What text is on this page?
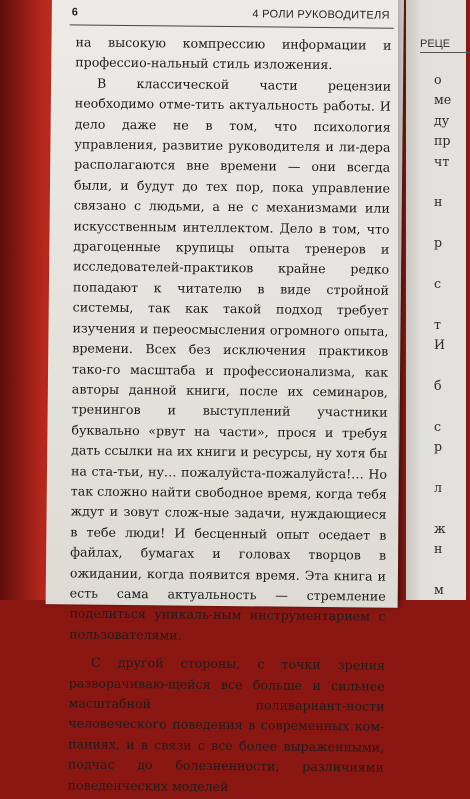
6	4 РОЛИ РУКОВОДИТЕЛЯ

на высокую компрессию информации и профессио-нальный стиль изложения.

В классической части рецензии необходимо отме-тить актуальность работы. И дело даже не в том, что психология управления, развитие руководителя и ли-дера располагаются вне времени — они всегда были, и будут до тех пор, пока управление связано с людьми, а не с механизмами или искусственным интеллектом. Дело в том, что драгоценные крупицы опыта тренеров и исследователей-практиков крайне редко попадают к читателю в виде стройной системы, так как такой подход требует изучения и переосмысления огромного опыта, времени. Всех без исключения практиков тако-го масштаба и профессионализма, как авторы данной книги, после их семинаров, тренингов и выступлений участники буквально «рвут на части», прося и требуя дать ссылки на их книги и ресурсы, ну хотя бы на ста-тьи, ну… пожалуйста-пожалуйста!… Но так сложно найти свободное время, когда тебя ждут и зовут слож-ные задачи, нуждающиеся в тебе люди! И бесценный опыт оседает в файлах, бумагах и головах творцов в ожидании, когда появится время. Эта книга и есть сама актуальность — стремление поделиться уникаль-ным инструментарием с пользователями.

С другой стороны, с точки зрения разворачиваю-щейся все больше и сильнее масштабной поливариант-ности человеческого поведения в современных ком-паниях, и в связи с все более выраженными, подчас до болезненности, различиями поведенческих моделей

РЕЦЕ
о
ме
ду
пр
чт
н
р
с
т
И
б
с
р
л
ж
н
м
